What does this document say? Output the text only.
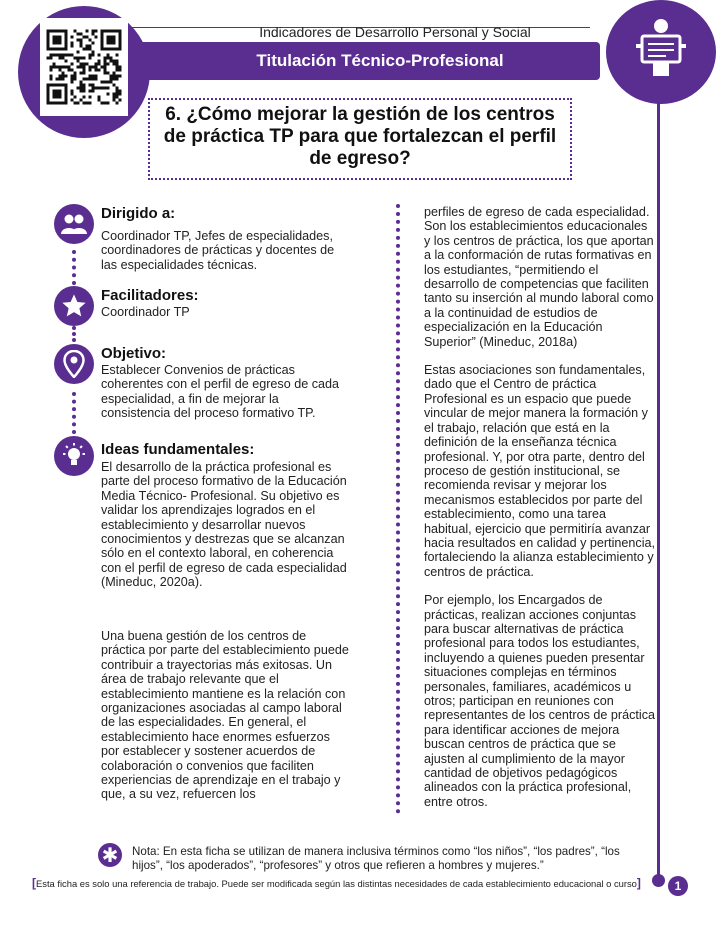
Indicadores de Desarrollo Personal y Social
Titulación Técnico-Profesional
6. ¿Cómo mejorar la gestión de los centros de práctica TP para que fortalezcan el perfil de egreso?
Dirigido a:
Coordinador TP, Jefes de especialidades, coordinadores de prácticas y docentes de las especialidades técnicas.
Facilitadores:
Coordinador TP
Objetivo:
Establecer Convenios de prácticas coherentes con el perfil de egreso de cada especialidad, a fin de mejorar la consistencia del proceso formativo TP.
Ideas fundamentales:
El desarrollo de la práctica profesional es parte del proceso formativo de la Educación Media Técnico- Profesional. Su objetivo es validar los aprendizajes logrados en el establecimiento y desarrollar nuevos conocimientos y destrezas que se alcanzan sólo en el contexto laboral, en coherencia con el perfil de egreso de cada especialidad (Mineduc, 2020a).
Una buena gestión de los centros de práctica por parte del establecimiento puede contribuir a trayectorias más exitosas. Un área de trabajo relevante que el establecimiento mantiene es la relación con organizaciones asociadas al campo laboral de las especialidades. En general, el establecimiento hace enormes esfuerzos por establecer y sostener acuerdos de colaboración o convenios que faciliten experiencias de aprendizaje en el trabajo y que, a su vez, refuercen los

perfiles de egreso de cada especialidad. Son los establecimientos educacionales y los centros de práctica, los que aportan a la conformación de rutas formativas en los estudiantes, “permitiendo el desarrollo de competencias que faciliten tanto su inserción al mundo laboral como a la continuidad de estudios de especialización en la Educación Superior” (Mineduc, 2018a)

Estas asociaciones son fundamentales, dado que el Centro de práctica Profesional es un espacio que puede vincular de mejor manera la formación y el trabajo, relación que está en la definición de la enseñanza técnica profesional. Y, por otra parte, dentro del proceso de gestión institucional, se recomienda revisar y mejorar los mecanismos establecidos por parte del establecimiento, como una tarea habitual, ejercicio que permitiría avanzar hacia resultados en calidad y pertinencia, fortaleciendo la alianza establecimiento y centros de práctica.

Por ejemplo, los Encargados de prácticas, realizan acciones conjuntas para buscar alternativas de práctica profesional para todos los estudiantes, incluyendo a quienes pueden presentar situaciones complejas en términos personales, familiares, académicos u otros; participan en reuniones con representantes de los centros de práctica para identificar acciones de mejora buscan centros de práctica que se ajusten al cumplimiento de la mayor cantidad de objetivos pedagógicos alineados con la práctica profesional, entre otros.

✱	Nota: En esta ficha se utilizan de manera inclusiva términos como “los niños”, “los padres”, “los hijos”, “los apoderados”, “profesores” y otros que refieren a hombres y mujeres.”
[Esta ficha es solo una referencia de trabajo. Puede ser modificada según las distintas necesidades de cada establecimiento educacional o curso]	1
